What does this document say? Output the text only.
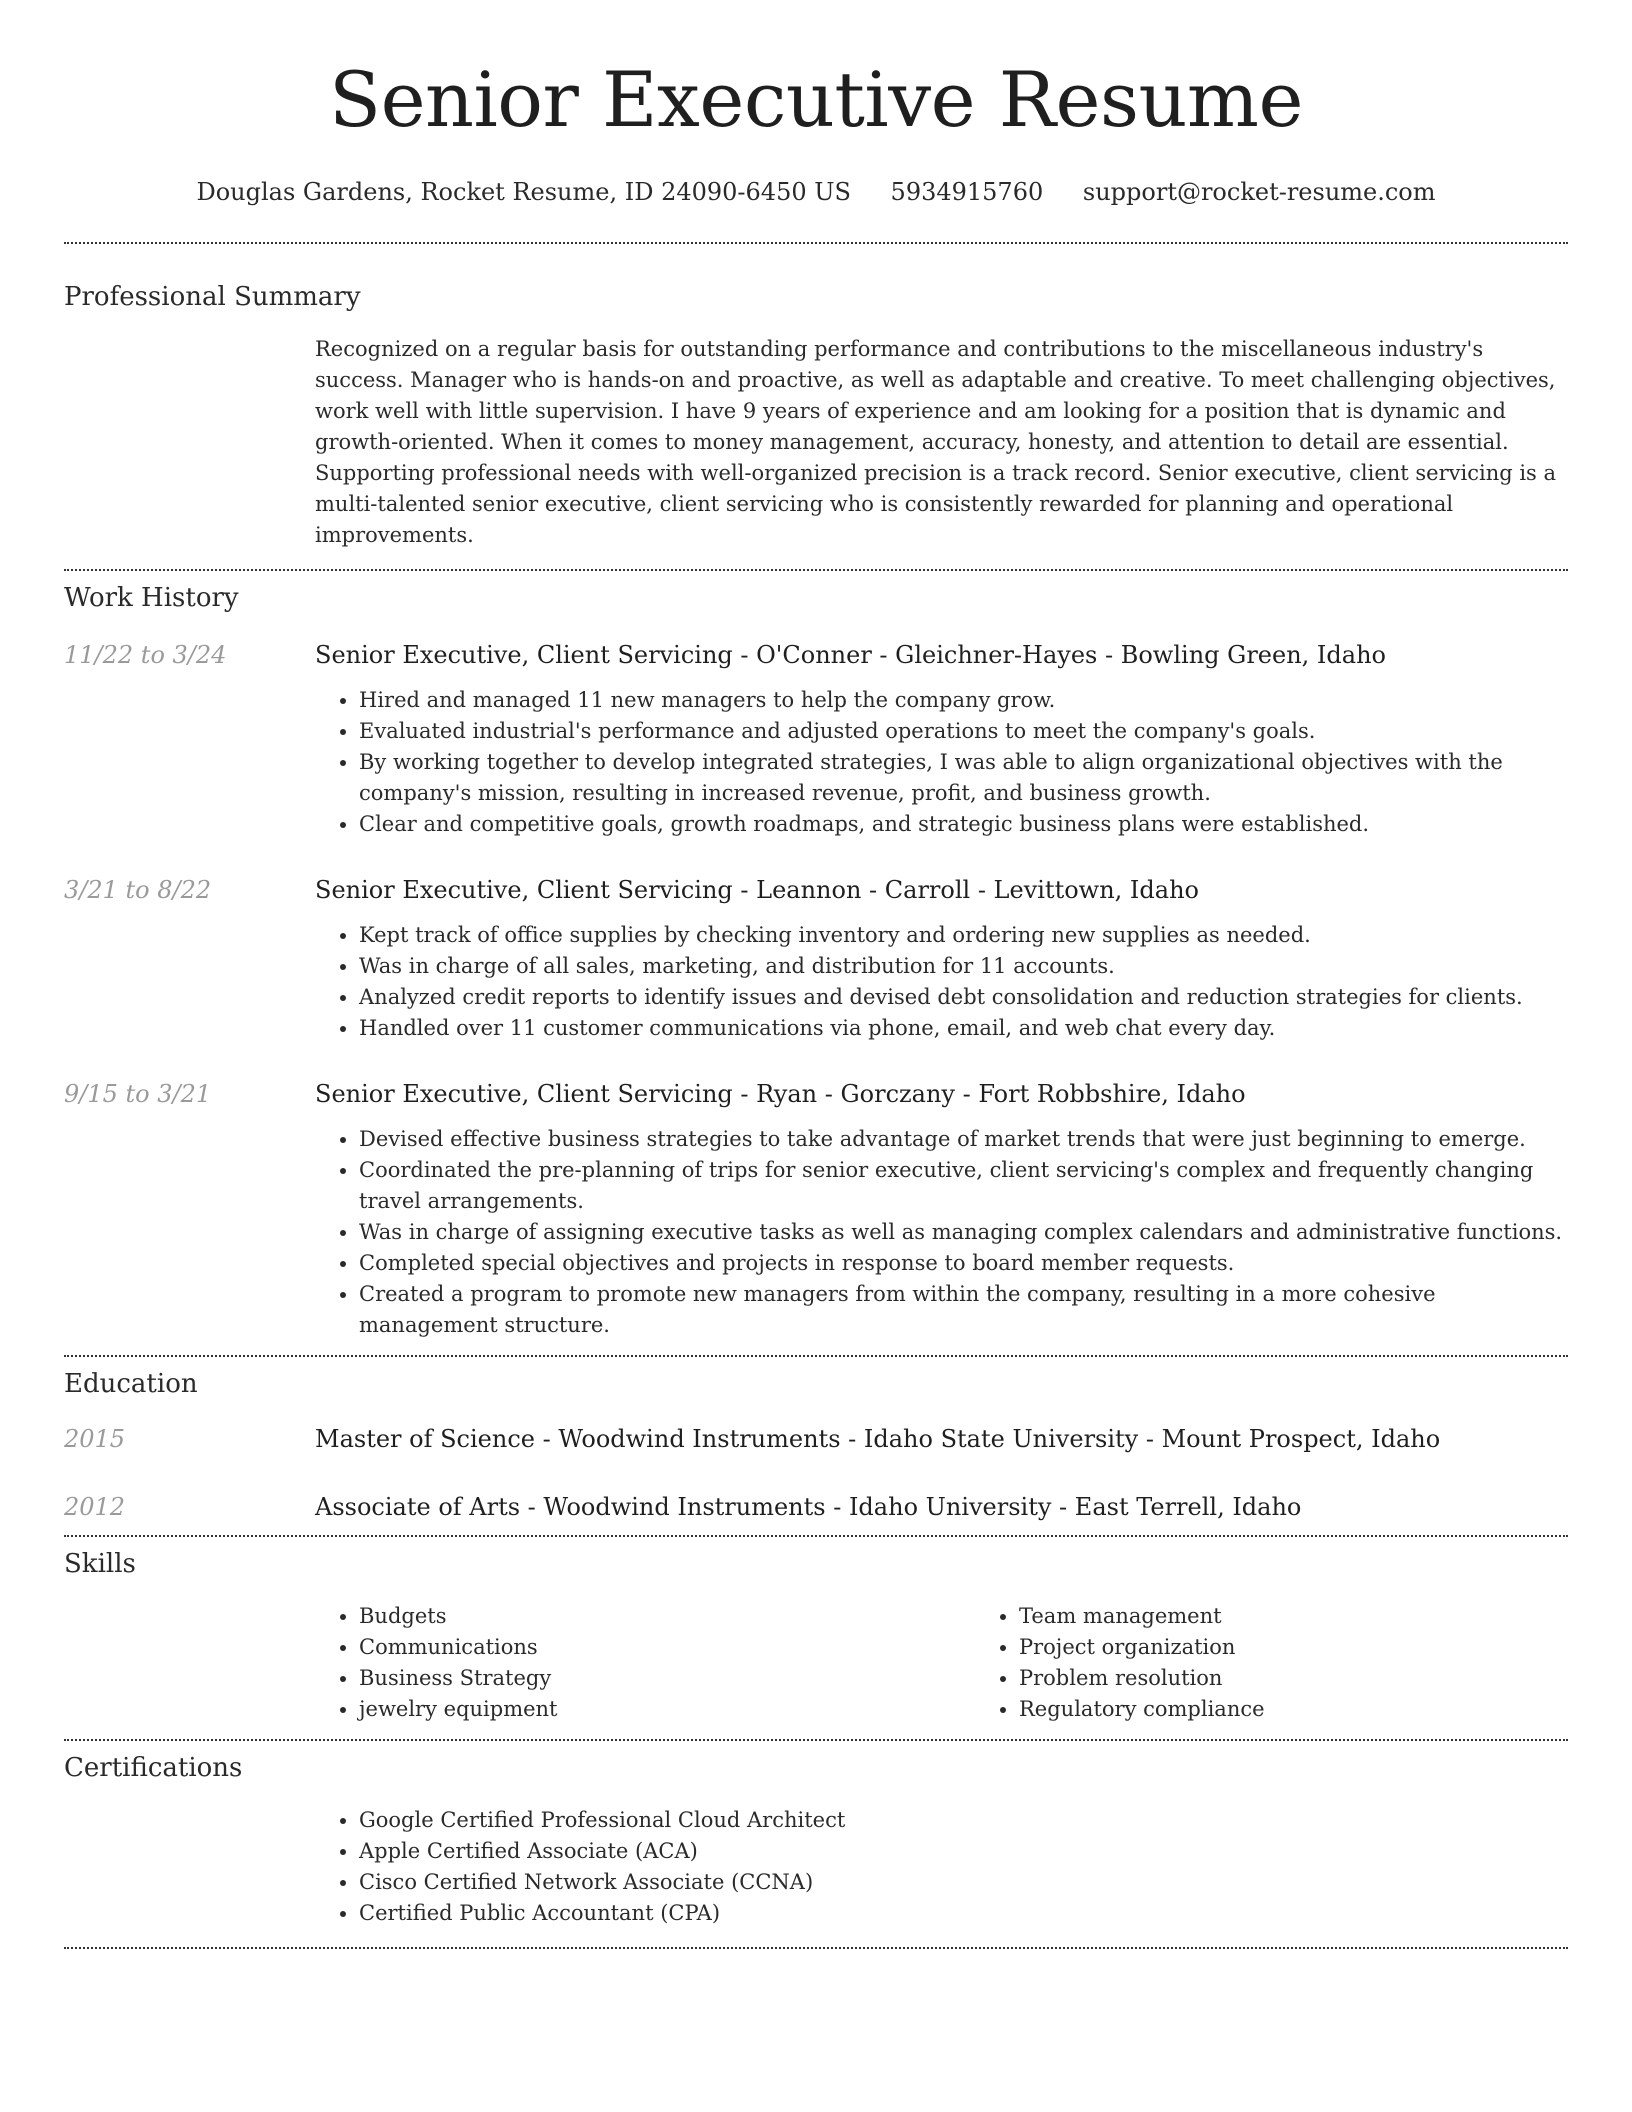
Senior Executive Resume
Douglas Gardens, Rocket Resume, ID 24090-6450 US 5934915760 support@rocket-resume.com
Professional Summary

Recognized on a regular basis for outstanding performance and contributions to the miscellaneous industry's success. Manager who is hands-on and proactive, as well as adaptable and creative. To meet challenging objectives, work well with little supervision. I have 9 years of experience and am looking for a position that is dynamic and growth-oriented. When it comes to money management, accuracy, honesty, and attention to detail are essential. Supporting professional needs with well-organized precision is a track record. Senior executive, client servicing is a multi-talented senior executive, client servicing who is consistently rewarded for planning and operational improvements.

Work History
11/22 to 3/24	Senior Executive, Client Servicing - O'Conner - Gleichner-Hayes - Bowling Green, Idaho

• Hired and managed 11 new managers to help the company grow.
• Evaluated industrial's performance and adjusted operations to meet the company's goals.
• By working together to develop integrated strategies, I was able to align organizational objectives with the company's mission, resulting in increased revenue, profit, and business growth.
• Clear and competitive goals, growth roadmaps, and strategic business plans were established.
3/21 to 8/22	Senior Executive, Client Servicing - Leannon - Carroll - Levittown, Idaho

• Kept track of office supplies by checking inventory and ordering new supplies as needed.
• Was in charge of all sales, marketing, and distribution for 11 accounts.
• Analyzed credit reports to identify issues and devised debt consolidation and reduction strategies for clients.
• Handled over 11 customer communications via phone, email, and web chat every day.
9/15 to 3/21	Senior Executive, Client Servicing - Ryan - Gorczany - Fort Robbshire, Idaho

• Devised effective business strategies to take advantage of market trends that were just beginning to emerge.
• Coordinated the pre-planning of trips for senior executive, client servicing's complex and frequently changing travel arrangements.
• Was in charge of assigning executive tasks as well as managing complex calendars and administrative functions.
• Completed special objectives and projects in response to board member requests.
• Created a program to promote new managers from within the company, resulting in a more cohesive management structure.
Education
2015	Master of Science - Woodwind Instruments - Idaho State University - Mount Prospect, Idaho

2012	Associate of Arts - Woodwind Instruments - Idaho University - East Terrell, Idaho

Skills
• Budgets
• Communications
• Business Strategy
• jewelry equipment
• Team management
• Project organization
• Problem resolution
• Regulatory compliance
Certifications
• Google Certified Professional Cloud Architect
• Apple Certified Associate (ACA)
• Cisco Certified Network Associate (CCNA)
• Certified Public Accountant (CPA)
